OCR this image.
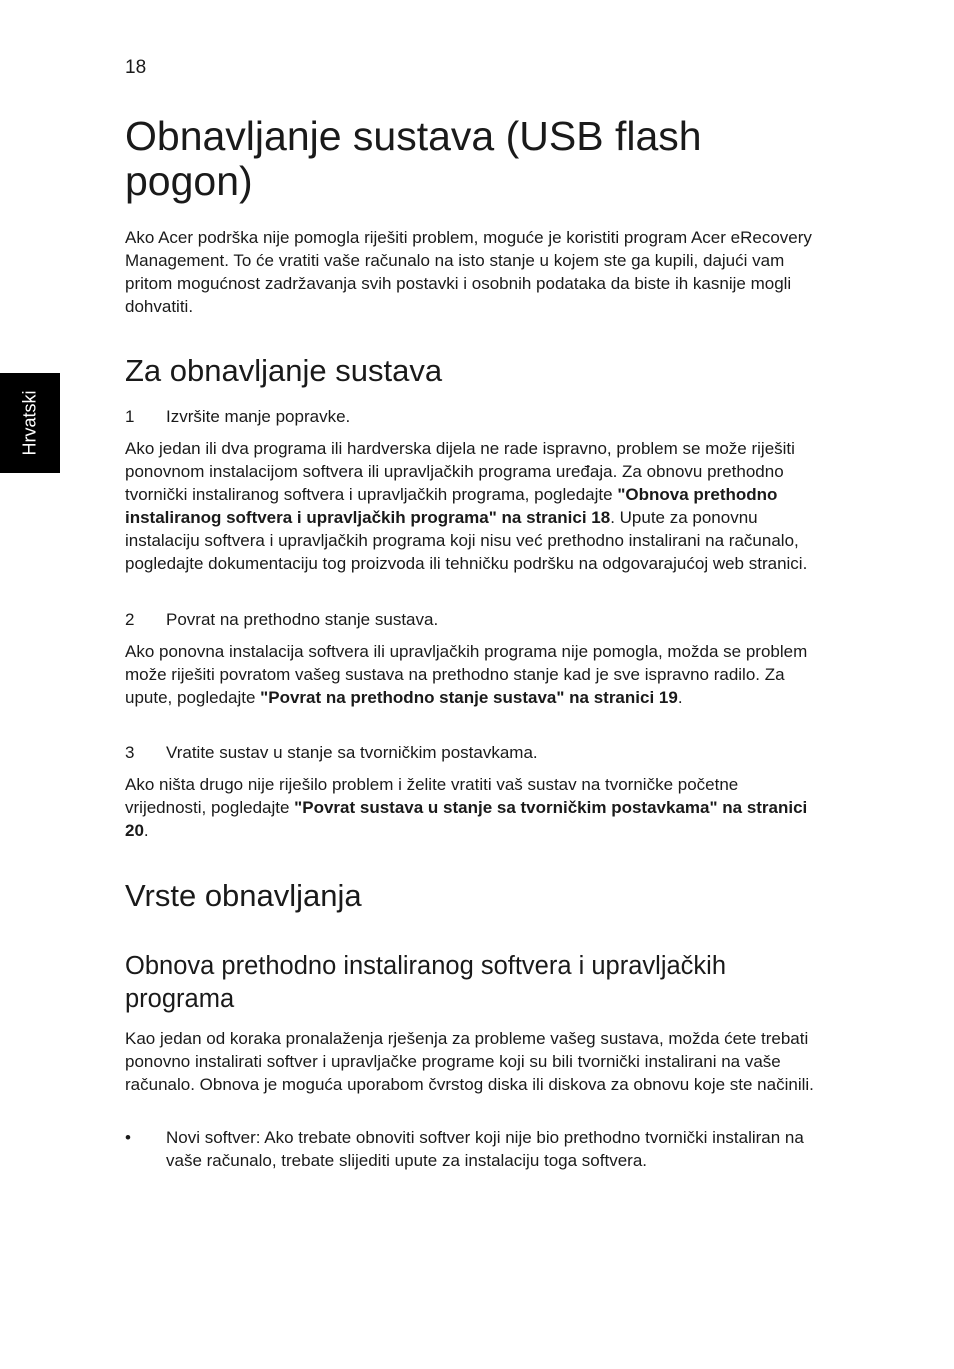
18
Hrvatski
Obnavljanje sustava (USB flash pogon)

Ako Acer podrška nije pomogla riješiti problem, moguće je koristiti program Acer eRecovery Management. To će vratiti vaše računalo na isto stanje u kojem ste ga kupili, dajući vam pritom mogućnost zadržavanja svih postavki i osobnih podataka da biste ih kasnije mogli dohvatiti.

Za obnavljanje sustava
1 Izvršite manje popravke.

Ako jedan ili dva programa ili hardverska dijela ne rade ispravno, problem se može riješiti ponovnom instalacijom softvera ili upravljačkih programa uređaja. Za obnovu prethodno tvornički instaliranog softvera i upravljačkih programa, pogledajte "Obnova prethodno instaliranog softvera i upravljačkih programa" na stranici 18. Upute za ponovnu instalaciju softvera i upravljačkih programa koji nisu već prethodno instalirani na računalo, pogledajte dokumentaciju tog proizvoda ili tehničku podršku na odgovarajućoj web stranici.

2 Povrat na prethodno stanje sustava.

Ako ponovna instalacija softvera ili upravljačkih programa nije pomogla, možda se problem može riješiti povratom vašeg sustava na prethodno stanje kad je sve ispravno radilo. Za upute, pogledajte "Povrat na prethodno stanje sustava" na stranici 19.

3 Vratite sustav u stanje sa tvorničkim postavkama.

Ako ništa drugo nije riješilo problem i želite vratiti vaš sustav na tvorničke početne vrijednosti, pogledajte "Povrat sustava u stanje sa tvorničkim postavkama" na stranici 20.

Vrste obnavljanja
Obnova prethodno instaliranog softvera i upravljačkih programa

Kao jedan od koraka pronalaženja rješenja za probleme vašeg sustava, možda ćete trebati ponovno instalirati softver i upravljačke programe koji su bili tvornički instalirani na vaše računalo. Obnova je moguća uporabom čvrstog diska ili diskova za obnovu koje ste načinili.

• Novi softver: Ako trebate obnoviti softver koji nije bio prethodno tvornički instaliran na vaše računalo, trebate slijediti upute za instalaciju toga softvera.
